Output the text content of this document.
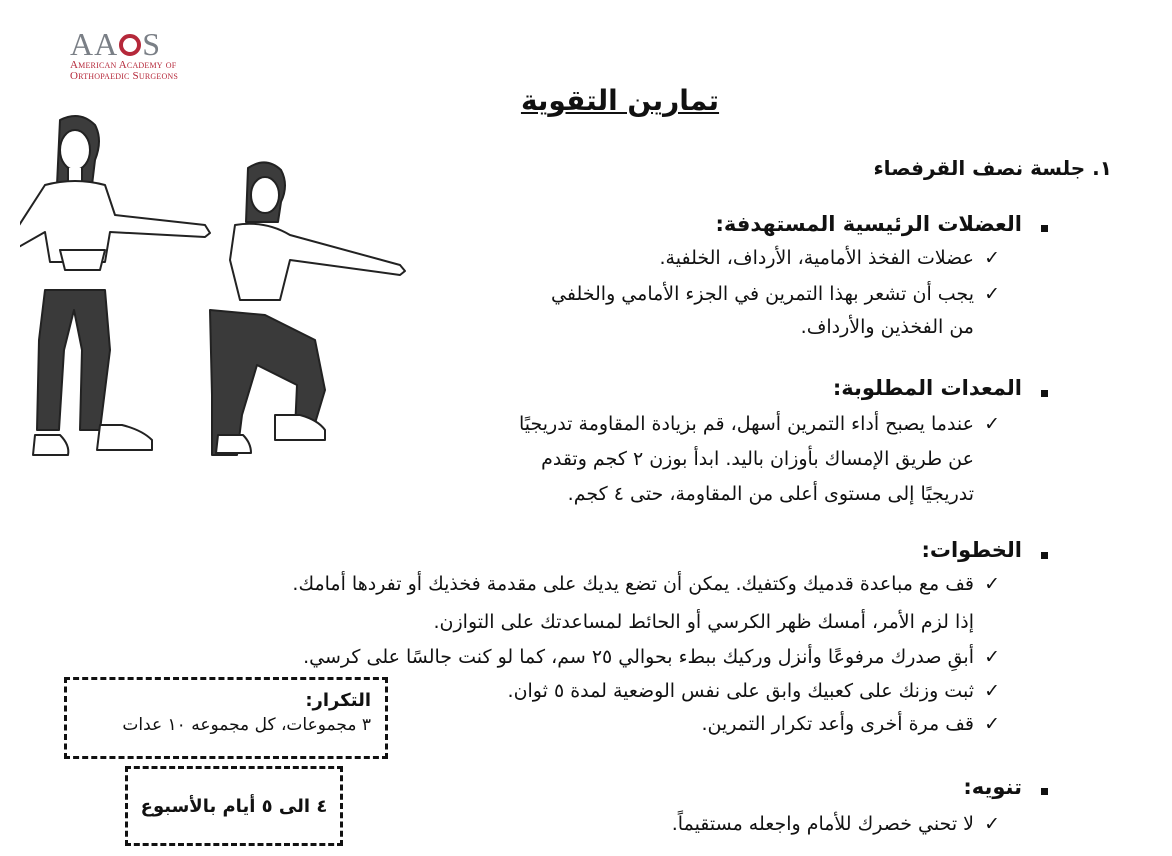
AA S
American Academy of
Orthopaedic Surgeons
تمارين التقوية
١. جلسة نصف القرفصاء
العضلات الرئيسية المستهدفة:
✓
عضلات الفخذ الأمامية، الأرداف، الخلفية.
✓
يجب أن تشعر بهذا التمرين في الجزء الأمامي والخلفي
من الفخذين والأرداف.
المعدات المطلوبة:
✓
عندما يصبح أداء التمرين أسهل، قم بزيادة المقاومة تدريجيًا
عن طريق الإمساك بأوزان باليد. ابدأ بوزن ٢ كجم وتقدم
تدريجيًا إلى مستوى أعلى من المقاومة، حتى ٤ كجم.
الخطوات:
✓
قف مع مباعدة قدميك وكتفيك. يمكن أن تضع يديك على مقدمة فخذيك أو تفردها أمامك.
إذا لزم الأمر، أمسك ظهر الكرسي أو الحائط لمساعدتك على التوازن.
✓
أبقِ صدرك مرفوعًا وأنزل وركيك ببطء بحوالي ٢٥ سم، كما لو كنت جالسًا على كرسي.
✓
ثبت وزنك على كعبيك وابق على نفس الوضعية لمدة ٥ ثوان.
✓
قف مرة أخرى وأعد تكرار التمرين.
تنويه:
✓
لا تحني خصرك للأمام واجعله مستقيماً.
التكرار:
٣ مجموعات، كل مجموعه ١٠ عدات
٤ الى ٥ أيام بالأسبوع
